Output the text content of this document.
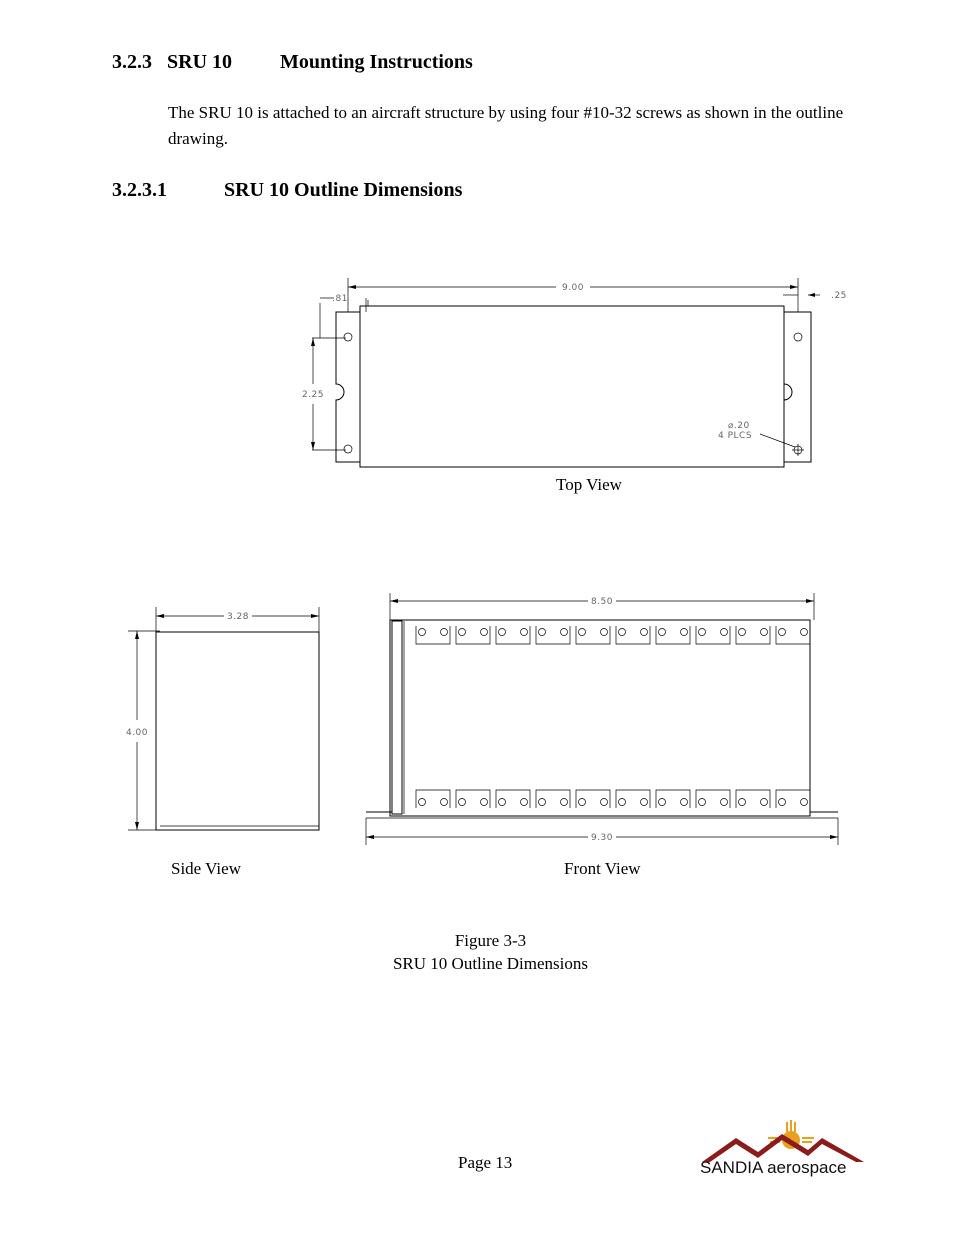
3.2.3 SRU 10 Mounting Instructions
The SRU 10 is attached to an aircraft structure by using four #10-32 screws as shown in the outline drawing.
3.2.3.1	SRU 10 Outline Dimensions
9.00
.81	.25
2.25
⌀.20
4 PLCS
3.28
4.00
8.50
9.30
Top View
Side View	Front View
Figure 3-3
SRU 10 Outline Dimensions
Page 13	SANDIA aerospace
